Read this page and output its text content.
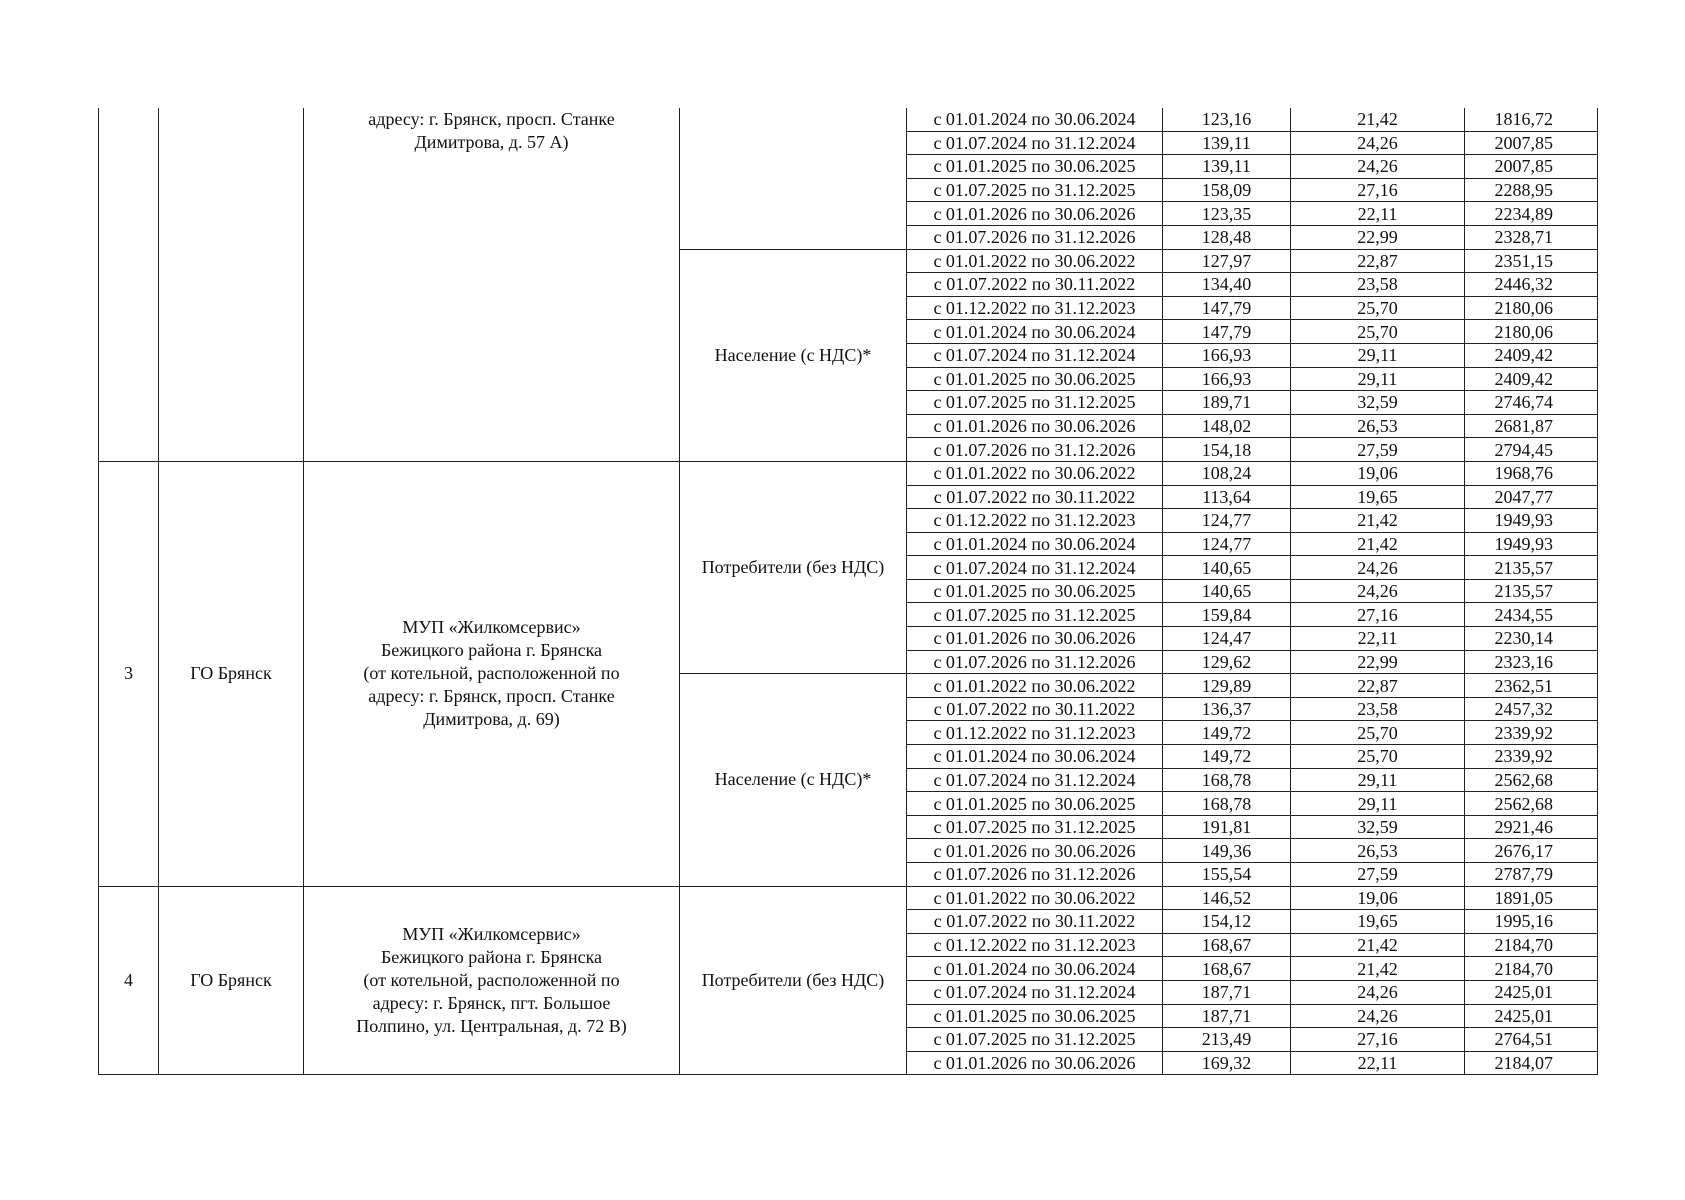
		адресу: г. Брянск, просп. Станке
Димитрова, д. 57 А)		с 01.01.2024 по 30.06.2024	123,16	21,42	1816,72
				с 01.07.2024 по 31.12.2024	139,11	24,26	2007,85
				с 01.01.2025 по 30.06.2025	139,11	24,26	2007,85
				с 01.07.2025 по 31.12.2025	158,09	27,16	2288,95
				с 01.01.2026 по 30.06.2026	123,35	22,11	2234,89
				с 01.07.2026 по 31.12.2026	128,48	22,99	2328,71
			Население (с НДС)*	с 01.01.2022 по 30.06.2022	127,97	22,87	2351,15
				с 01.07.2022 по 30.11.2022	134,40	23,58	2446,32
				с 01.12.2022 по 31.12.2023	147,79	25,70	2180,06
				с 01.01.2024 по 30.06.2024	147,79	25,70	2180,06
				с 01.07.2024 по 31.12.2024	166,93	29,11	2409,42
				с 01.01.2025 по 30.06.2025	166,93	29,11	2409,42
				с 01.07.2025 по 31.12.2025	189,71	32,59	2746,74
				с 01.01.2026 по 30.06.2026	148,02	26,53	2681,87
				с 01.07.2026 по 31.12.2026	154,18	27,59	2794,45

3	ГО Брянск	МУП «Жилкомсервис»
Бежицкого района г. Брянска
(от котельной, расположенной по
адресу: г. Брянск, просп. Станке
Димитрова, д. 69)	Потребители (без НДС)	с 01.01.2022 по 30.06.2022	108,24	19,06	1968,76
				с 01.07.2022 по 30.11.2022	113,64	19,65	2047,77
				с 01.12.2022 по 31.12.2023	124,77	21,42	1949,93
				с 01.01.2024 по 30.06.2024	124,77	21,42	1949,93
				с 01.07.2024 по 31.12.2024	140,65	24,26	2135,57
				с 01.01.2025 по 30.06.2025	140,65	24,26	2135,57
				с 01.07.2025 по 31.12.2025	159,84	27,16	2434,55
				с 01.01.2026 по 30.06.2026	124,47	22,11	2230,14
				с 01.07.2026 по 31.12.2026	129,62	22,99	2323,16
			Население (с НДС)*	с 01.01.2022 по 30.06.2022	129,89	22,87	2362,51
				с 01.07.2022 по 30.11.2022	136,37	23,58	2457,32
				с 01.12.2022 по 31.12.2023	149,72	25,70	2339,92
				с 01.01.2024 по 30.06.2024	149,72	25,70	2339,92
				с 01.07.2024 по 31.12.2024	168,78	29,11	2562,68
				с 01.01.2025 по 30.06.2025	168,78	29,11	2562,68
				с 01.07.2025 по 31.12.2025	191,81	32,59	2921,46
				с 01.01.2026 по 30.06.2026	149,36	26,53	2676,17
				с 01.07.2026 по 31.12.2026	155,54	27,59	2787,79

4	ГО Брянск	МУП «Жилкомсервис»
Бежицкого района г. Брянска
(от котельной, расположенной по
адресу: г. Брянск, пгт. Большое
Полпино, ул. Центральная, д. 72 В)	Потребители (без НДС)	с 01.01.2022 по 30.06.2022	146,52	19,06	1891,05
				с 01.07.2022 по 30.11.2022	154,12	19,65	1995,16
				с 01.12.2022 по 31.12.2023	168,67	21,42	2184,70
				с 01.01.2024 по 30.06.2024	168,67	21,42	2184,70
				с 01.07.2024 по 31.12.2024	187,71	24,26	2425,01
				с 01.01.2025 по 30.06.2025	187,71	24,26	2425,01
				с 01.07.2025 по 31.12.2025	213,49	27,16	2764,51
				с 01.01.2026 по 30.06.2026	169,32	22,11	2184,07
